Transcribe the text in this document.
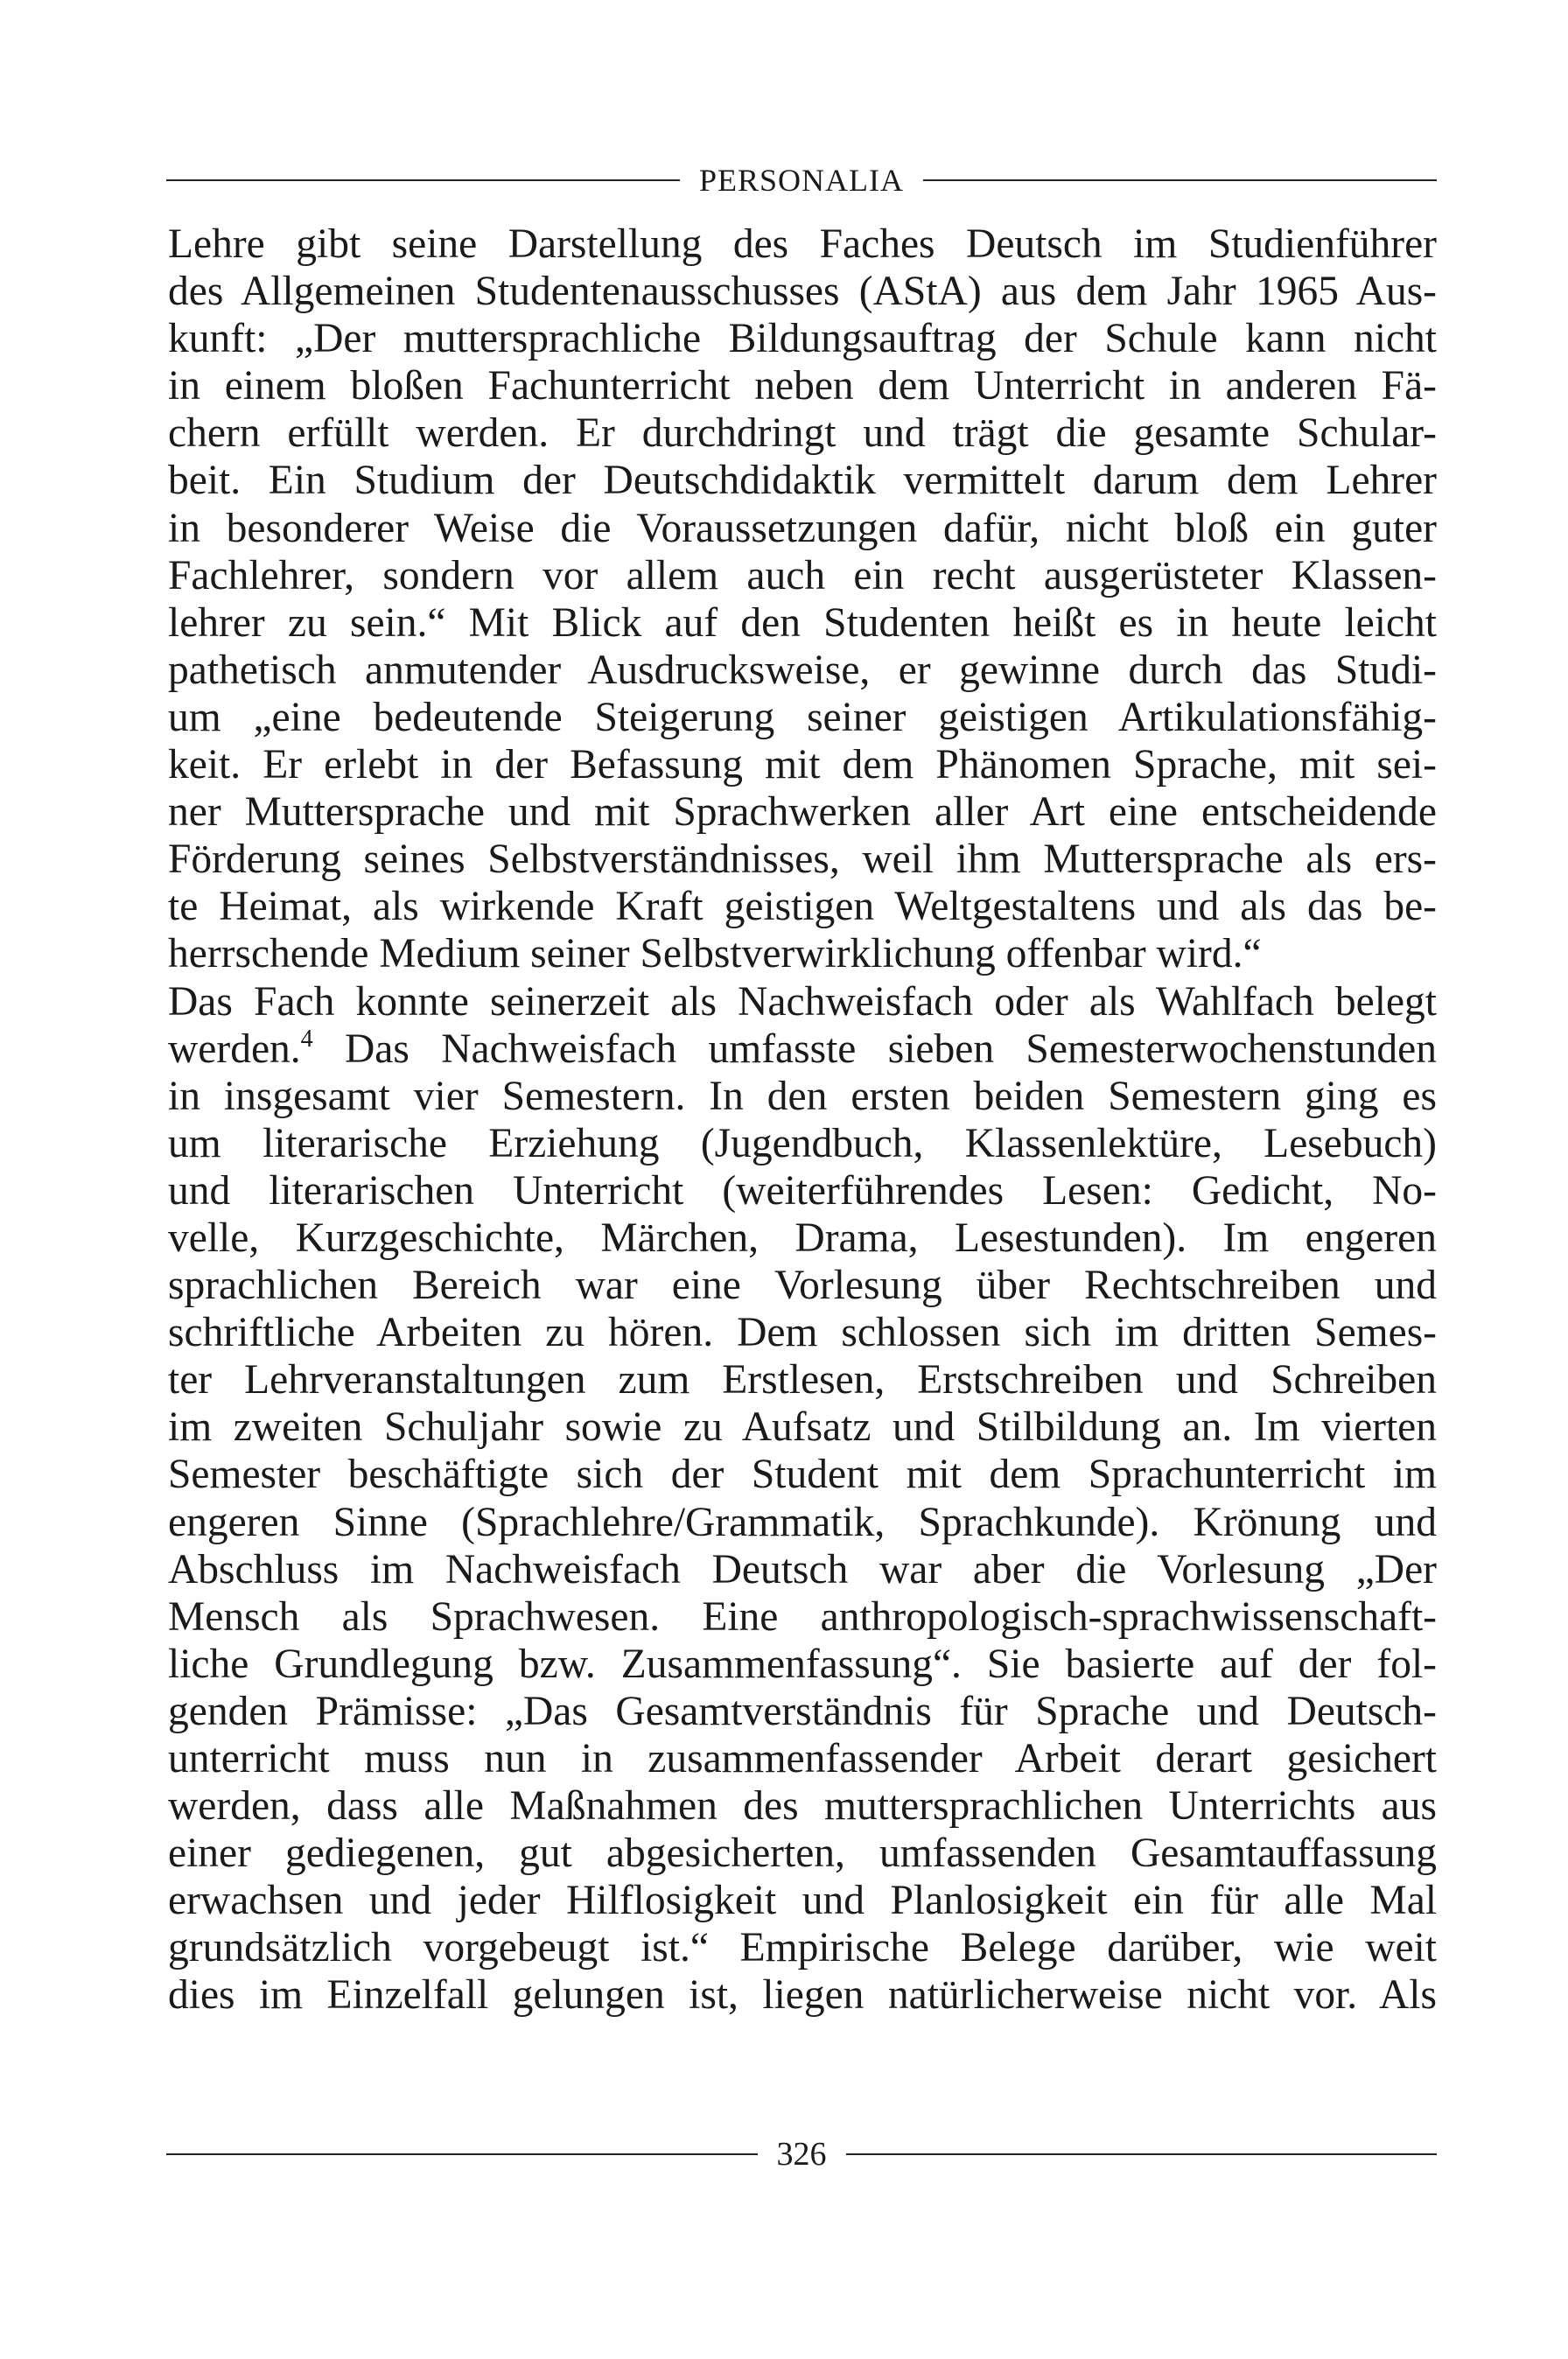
PERSONALIA
Lehre gibt seine Darstellung des Faches Deutsch im Studienführer
des Allgemeinen Studentenausschusses (AStA) aus dem Jahr 1965 Aus-
kunft: „Der muttersprachliche Bildungsauftrag der Schule kann nicht
in einem bloßen Fachunterricht neben dem Unterricht in anderen Fä-
chern erfüllt werden. Er durchdringt und trägt die gesamte Schular-
beit. Ein Studium der Deutschdidaktik vermittelt darum dem Lehrer
in besonderer Weise die Voraussetzungen dafür, nicht bloß ein guter
Fachlehrer, sondern vor allem auch ein recht ausgerüsteter Klassen-
lehrer zu sein.“ Mit Blick auf den Studenten heißt es in heute leicht
pathetisch anmutender Ausdrucksweise, er gewinne durch das Studi-
um „eine bedeutende Steigerung seiner geistigen Artikulationsfähig-
keit. Er erlebt in der Befassung mit dem Phänomen Sprache, mit sei-
ner Muttersprache und mit Sprachwerken aller Art eine entscheidende
Förderung seines Selbstverständnisses, weil ihm Muttersprache als ers-
te Heimat, als wirkende Kraft geistigen Weltgestaltens und als das be-
herrschende Medium seiner Selbstverwirklichung offenbar wird.“
Das Fach konnte seinerzeit als Nachweisfach oder als Wahlfach belegt
werden.$^4$ Das Nachweisfach umfasste sieben Semesterwochenstunden
in insgesamt vier Semestern. In den ersten beiden Semestern ging es
um literarische Erziehung (Jugendbuch, Klassenlektüre, Lesebuch)
und literarischen Unterricht (weiterführendes Lesen: Gedicht, No-
velle, Kurzgeschichte, Märchen, Drama, Lesestunden). Im engeren
sprachlichen Bereich war eine Vorlesung über Rechtschreiben und
schriftliche Arbeiten zu hören. Dem schlossen sich im dritten Semes-
ter Lehrveranstaltungen zum Erstlesen, Erstschreiben und Schreiben
im zweiten Schuljahr sowie zu Aufsatz und Stilbildung an. Im vierten
Semester beschäftigte sich der Student mit dem Sprachunterricht im
engeren Sinne (Sprachlehre/Grammatik, Sprachkunde). Krönung und
Abschluss im Nachweisfach Deutsch war aber die Vorlesung „Der
Mensch als Sprachwesen. Eine anthropologisch-sprachwissenschaft-
liche Grundlegung bzw. Zusammenfassung“. Sie basierte auf der fol-
genden Prämisse: „Das Gesamtverständnis für Sprache und Deutsch-
unterricht muss nun in zusammenfassender Arbeit derart gesichert
werden, dass alle Maßnahmen des muttersprachlichen Unterrichts aus
einer gediegenen, gut abgesicherten, umfassenden Gesamtauffassung
erwachsen und jeder Hilflosigkeit und Planlosigkeit ein für alle Mal
grundsätzlich vorgebeugt ist.“ Empirische Belege darüber, wie weit
dies im Einzelfall gelungen ist, liegen natürlicherweise nicht vor. Als
326
